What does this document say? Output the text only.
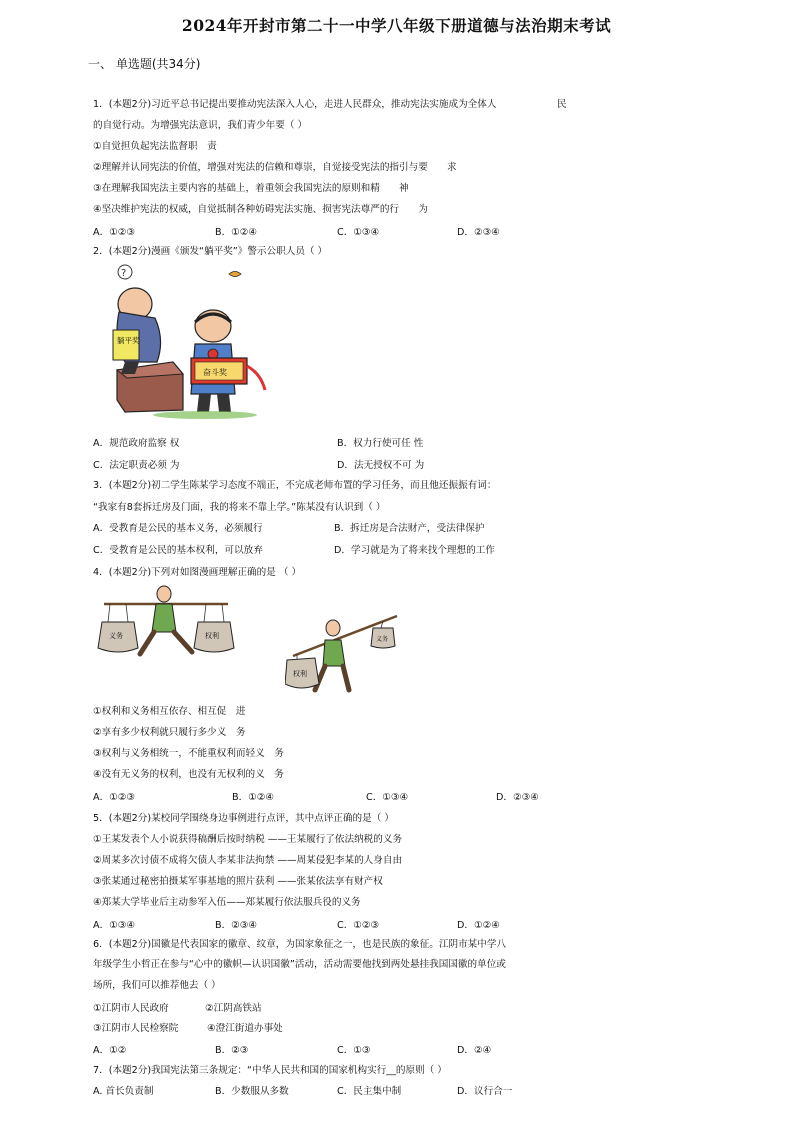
2024年开封市第二十一中学八年级下册道德与法治期末考试
一、 单选题(共34分)
1．(本题2分)习近平总书记提出要推动宪法深入人心，走进人民群众，推动宪法实施成为全体人	民
的自觉行动。为增强宪法意识，我们青少年要（ ）
①自觉担负起宪法监督职　责
②理解并认同宪法的价值，增强对宪法的信赖和尊崇，自觉接受宪法的指引与要　　求
③在理解我国宪法主要内容的基础上，着重领会我国宪法的原则和精　　神
④坚决维护宪法的权威，自觉抵制各种妨碍宪法实施、损害宪法尊严的行　　为
A．①②③	B．①②④	C．①③④	D．②③④
2．(本题2分)漫画《颁发“躺平奖”》警示公职人员（ ）
?
躺平奖
奋斗奖
A．规范政府监察 权	B．权力行使可任 性
C．法定职责必须 为	D．法无授权不可 为
3．(本题2分)初二学生陈某学习态度不端正，不完成老师布置的学习任务，而且他还振振有词：
“我家有8套拆迁房及门面，我的将来不靠上学。”陈某没有认识到（ ）
A．受教育是公民的基本义务，必须履行	B．拆迁房是合法财产，受法律保护
C．受教育是公民的基本权利，可以放弃	D．学习就是为了将来找个理想的工作
4．(本题2分)下列对如图漫画理解正确的是 （ ）
义务	权利	义务
权利
①权利和义务相互依存、相互促　进
②享有多少权利就只履行多少义　务
③权利与义务相统一，不能重权利而轻义　务
④没有无义务的权利，也没有无权利的义　务
A．①②③	B．①②④	C．①③④	D．②③④
5．(本题2分)某校同学围绕身边事例进行点评，其中点评正确的是（ ）
①王某发表个人小说获得稿酬后按时纳税 ——王某履行了依法纳税的义务
②周某多次讨债不成将欠债人李某非法拘禁 ——周某侵犯李某的人身自由
③张某通过秘密拍摄某军事基地的照片获利 ——张某依法享有财产权
④郑某大学毕业后主动参军入伍——郑某履行依法服兵役的义务
A．①③④	B．②③④	C．①②③	D．①②④
6．(本题2分)国徽是代表国家的徽章、纹章，为国家象征之一，也是民族的象征。江阴市某中学八
年级学生小哲正在参与“心中的徽帜—认识国徽”活动，活动需要他找到两处悬挂我国国徽的单位或
场所，我们可以推荐他去（ ）
①江阴市人民政府	②江阴高铁站
③江阴市人民检察院	④澄江街道办事处
A．①②	B．②③	C．①③	D．②④
7．(本题2分)我国宪法第三条规定：“中华人民共和国的国家机构实行__的原则（ ）
A. 首长负责制	B．少数服从多数	C．民主集中制	D．议行合一
